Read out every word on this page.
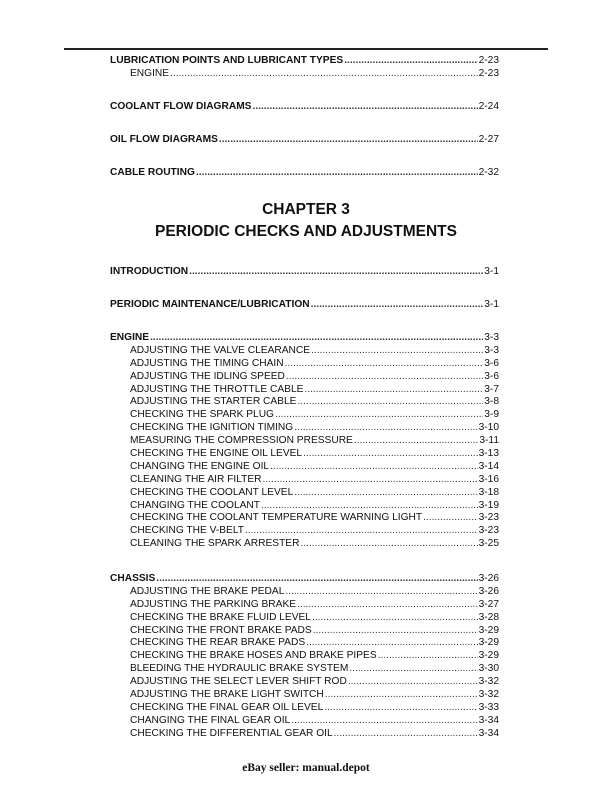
LUBRICATION POINTS AND LUBRICANT TYPES .....	2-23
ENGINE .....	2-23
COOLANT FLOW DIAGRAMS .....	2-24
OIL FLOW DIAGRAMS .....	2-27
CABLE ROUTING .....	2-32
CHAPTER 3
PERIODIC CHECKS AND ADJUSTMENTS
INTRODUCTION .....	3-1
PERIODIC MAINTENANCE/LUBRICATION .....	3-1
ENGINE .....	3-3
ADJUSTING THE VALVE CLEARANCE .....	3-3
ADJUSTING THE TIMING CHAIN .....	3-6
ADJUSTING THE IDLING SPEED .....	3-6
ADJUSTING THE THROTTLE CABLE .....	3-7
ADJUSTING THE STARTER CABLE .....	3-8
CHECKING THE SPARK PLUG .....	3-9
CHECKING THE IGNITION TIMING .....	3-10
MEASURING THE COMPRESSION PRESSURE .....	3-11
CHECKING THE ENGINE OIL LEVEL .....	3-13
CHANGING THE ENGINE OIL .....	3-14
CLEANING THE AIR FILTER .....	3-16
CHECKING THE COOLANT LEVEL .....	3-18
CHANGING THE COOLANT .....	3-19
CHECKING THE COOLANT TEMPERATURE WARNING LIGHT .....	3-23
CHECKING THE V-BELT .....	3-23
CLEANING THE SPARK ARRESTER .....	3-25
CHASSIS .....	3-26
ADJUSTING THE BRAKE PEDAL .....	3-26
ADJUSTING THE PARKING BRAKE .....	3-27
CHECKING THE BRAKE FLUID LEVEL .....	3-28
CHECKING THE FRONT BRAKE PADS .....	3-29
CHECKING THE REAR BRAKE PADS .....	3-29
CHECKING THE BRAKE HOSES AND BRAKE PIPES .....	3-29
BLEEDING THE HYDRAULIC BRAKE SYSTEM .....	3-30
ADJUSTING THE SELECT LEVER SHIFT ROD .....	3-32
ADJUSTING THE BRAKE LIGHT SWITCH .....	3-32
CHECKING THE FINAL GEAR OIL LEVEL .....	3-33
CHANGING THE FINAL GEAR OIL .....	3-34
CHECKING THE DIFFERENTIAL GEAR OIL .....	3-34
eBay seller: manual.depot
